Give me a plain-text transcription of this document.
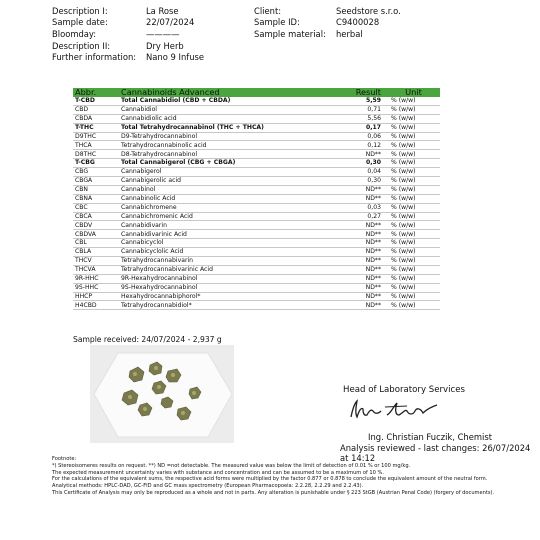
Description I:	La Rose
Sample date:	22/07/2024
Bloomday:	————
Description II:	Dry Herb
Further information: Nano 9 Infuse
Client:	Seedstore s.r.o.
Sample ID:	C9400028
Sample material: herbal
Abbr.	Cannabinoids Advanced	Result	Unit
T-CBD	Total Cannabidiol (CBD + CBDA)	5,59	% (w/w)
CBD	Cannabidiol	0,71	% (w/w)
CBDA	Cannabidiolic acid	5,56	% (w/w)
T-THC	Total Tetrahydrocannabinol (THC + THCA)	0,17	% (w/w)
D9THC	D9-Tetrahydrocannabinol	0,06	% (w/w)
THCA	Tetrahydrocannabinolic acid	0,12	% (w/w)
D8THC	D8-Tetrahydrocannabinol	ND**	% (w/w)
T-CBG	Total Cannabigerol (CBG + CBGA)	0,30	% (w/w)
CBG	Cannabigerol	0,04	% (w/w)
CBGA	Cannabigerolic acid	0,30	% (w/w)
CBN	Cannabinol	ND**	% (w/w)
CBNA	Cannabinolic Acid	ND**	% (w/w)
CBC	Cannabichromene	0,03	% (w/w)
CBCA	Cannabichromenic Acid	0,27	% (w/w)
CBDV	Cannabidivarin	ND**	% (w/w)
CBDVA	Cannabidivarinic Acid	ND**	% (w/w)
CBL	Cannabicyclol	ND**	% (w/w)
CBLA	Cannabicyclolic Acid	ND**	% (w/w)
THCV	Tetrahydrocannabivarin	ND**	% (w/w)
THCVA	Tetrahydrocannabivarinic Acid	ND**	% (w/w)
9R-HHC	9R-Hexahydrocannabinol	ND**	% (w/w)
9S-HHC	9S-Hexahydrocannabinol	ND**	% (w/w)
HHCP	Hexahydrocannabiphorol*	ND**	% (w/w)
H4CBD	Tetrahydrocannabidiol*	ND**	% (w/w)
Sample received: 24/07/2024 - 2,937 g
Head of Laboratory Services
Ing. Christian Fuczik, Chemist
Analysis reviewed - last changes: 26/07/2024 at 14:12

Footnote:

*) Stereoisomeres results on request. **) ND =not detectable. The measured value was below the limit of detection of 0.01 % or 100 mg/kg.

The expected measurement uncertainty varies with substance and concentration and can be assumed to be a maximum of 10 %.

For the calculations of the equivalent sums, the respective acid forms were multiplied by the factor 0.877 or 0.878 to conclude the equivalent amount of the neutral form.

Analytical methods: HPLC-DAD, GC-FID and GC mass spectrometry (European Pharmacopoeia: 2.2.28, 2.2.29 and 2.2.43).

This Certificate of Analysis may only be reproduced as a whole and not in parts. Any alteration is punishable under § 223 StGB (Austrian Penal Code) (forgery of documents).
